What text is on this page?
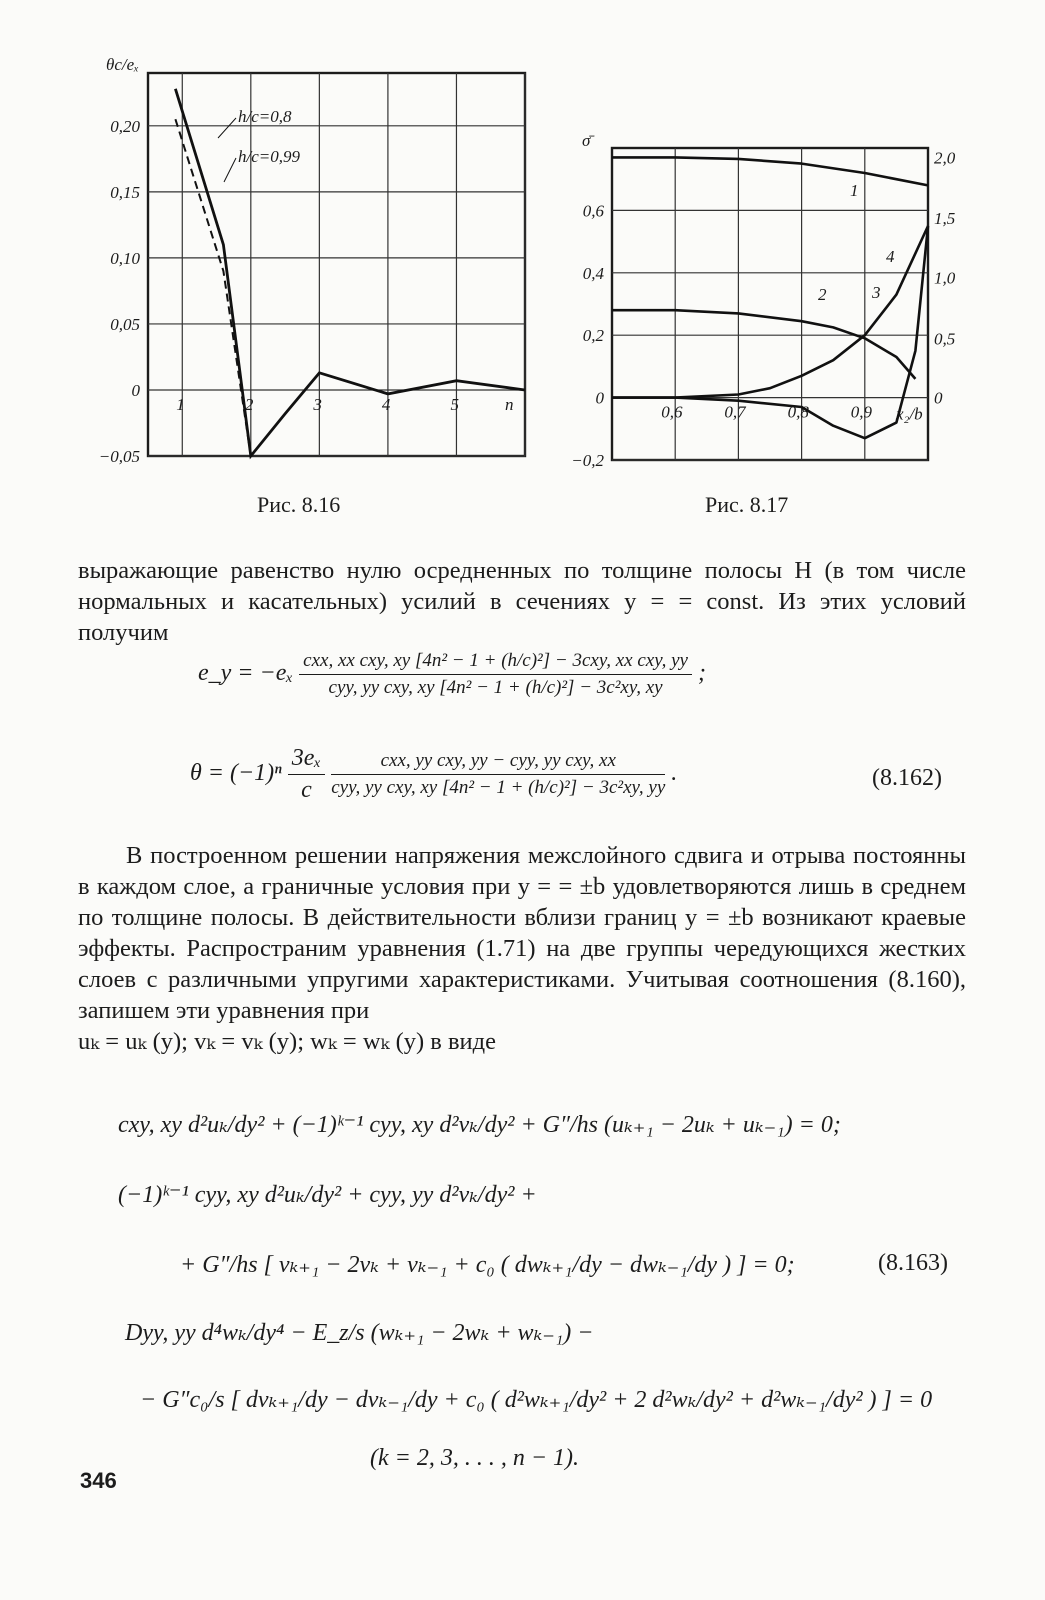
0,20
0,15
0,10
0,05
0
−0,05
1	2	3	4	5	n
θc/eₓ
h/c=0,8
h/c=0,99
Рис. 8.16
0,6
0,4
0,2
0
−0,2
2,0
1,5
1,0
0,5
0
0,6 0,7 0,8 0,9 x₂/b
σ̄
1
2	3
4
Рис. 8.17

выражающие равенство нулю осредненных по толщине полосы H (в том числе нормальных и касательных) усилий в сечениях y = = const. Из этих условий получим

e_y = $-e_x \frac{\text{cxx, xx cxy, xy [4n² − 1 + (h/c)²] − 3cxy, xx cxy, yy}}{\text{cyy, yy cxy, xy [4n² − 1 + (h/c)²] − 3c²xy, xy}}$ ;
$\theta = (-1)^n \frac{\text{3eₓ}}{c}$
$\frac{\text{cxx, yy cxy, yy − cyy, yy cxy, xx}}{\text{cyy, yy cxy, xy [4n² − 1 + (h/c)²] − 3c²xy, yy}}$ .	(8.162)

В построенном решении напряжения межслойного сдвига и отрыва постоянны в каждом слое, а граничные условия при y = = ±b удовлетворяются лишь в среднем по толщине полосы. В действительности вблизи границ y = ±b возникают краевые эффекты. Распространим уравнения (1.71) на две группы чередующихся жестких слоев с различными упругими характеристиками. Учитывая соотношения (8.160), запишем эти уравнения при

uₖ = uₖ (y); vₖ = vₖ (y); wₖ = wₖ (y) в виде

cxy, xy d²uₖ/dy² + (−1)ᵏ⁻¹ cyy, xy d²vₖ/dy² + G″/hs (uₖ₊₁ − 2uₖ + uₖ₋₁) = 0;
(−1)ᵏ⁻¹ cyy, xy d²uₖ/dy² + cyy, yy d²vₖ/dy² +
+ G″/hs [ vₖ₊₁ − 2vₖ + vₖ₋₁ + c₀ ( dwₖ₊₁/dy − dwₖ₋₁/dy ) ] = 0;	(8.163)
Dyy, yy d⁴wₖ/dy⁴ − E_z/s (wₖ₊₁ − 2wₖ + wₖ₋₁) −
− G″c₀/s [ dvₖ₊₁/dy − dvₖ₋₁/dy + c₀ ( d²wₖ₊₁/dy² + 2 d²wₖ/dy² + d²wₖ₋₁/dy² ) ] = 0
(k = 2, 3, . . . , n − 1).
346
